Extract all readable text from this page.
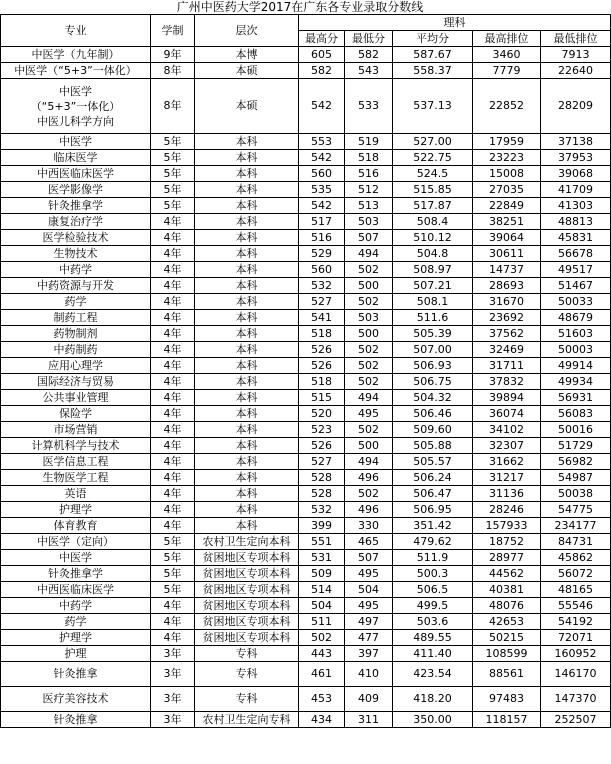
广州中医药大学2017在广东各专业录取分数线
专业	学制	层次	理科				
			最高分	最低分	平均分	最高排位	最低排位
中医学（九年制）	9年	本博	605	582	587.67	3460	7913
中医学（“5+3”一体化）	8年	本硕	582	543	558.37	7779	22640
中医学
（“5+3”一体化）
中医儿科学方向	8年	本硕	542	533	537.13	22852	28209
中医学	5年	本科	553	519	527.00	17959	37138
临床医学	5年	本科	542	518	522.75	23223	37953
中西医临床医学	5年	本科	560	516	524.5	15008	39068
医学影像学	5年	本科	535	512	515.85	27035	41709
针灸推拿学	5年	本科	542	513	517.87	22849	41303
康复治疗学	4年	本科	517	503	508.4	38251	48813
医学检验技术	4年	本科	516	507	510.12	39064	45831
生物技术	4年	本科	529	494	504.8	30611	56678
中药学	4年	本科	560	502	508.97	14737	49517
中药资源与开发	4年	本科	532	500	507.21	28693	51467
药学	4年	本科	527	502	508.1	31670	50033
制药工程	4年	本科	541	503	511.6	23692	48679
药物制剂	4年	本科	518	500	505.39	37562	51603
中药制药	4年	本科	526	502	507.00	32469	50003
应用心理学	4年	本科	526	502	506.93	31711	49914
国际经济与贸易	4年	本科	518	502	506.75	37832	49934
公共事业管理	4年	本科	515	494	504.32	39894	56931
保险学	4年	本科	520	495	506.46	36074	56083
市场营销	4年	本科	523	502	509.60	34102	50016
计算机科学与技术	4年	本科	526	500	505.88	32307	51729
医学信息工程	4年	本科	527	494	505.57	31662	56982
生物医学工程	4年	本科	528	496	506.24	31217	54987
英语	4年	本科	528	502	506.47	31136	50038
护理学	4年	本科	532	496	506.95	28246	54775
体育教育	4年	本科	399	330	351.42	157933	234177
中医学（定向）	5年	农村卫生定向本科	551	465	479.62	18752	84731
中医学	5年	贫困地区专项本科	531	507	511.9	28977	45862
针灸推拿学	5年	贫困地区专项本科	509	495	500.3	44562	56072
中西医临床医学	5年	贫困地区专项本科	514	504	506.5	40381	48165
中药学	4年	贫困地区专项本科	504	495	499.5	48076	55546
药学	4年	贫困地区专项本科	511	497	503.6	42653	54192
护理学	4年	贫困地区专项本科	502	477	489.55	50215	72071
护理	3年	专科	443	397	411.40	108599	160952
针灸推拿	3年	专科	461	410	423.54	88561	146170
医疗美容技术	3年	专科	453	409	418.20	97483	147370
针灸推拿	3年	农村卫生定向专科	434	311	350.00	118157	252507
